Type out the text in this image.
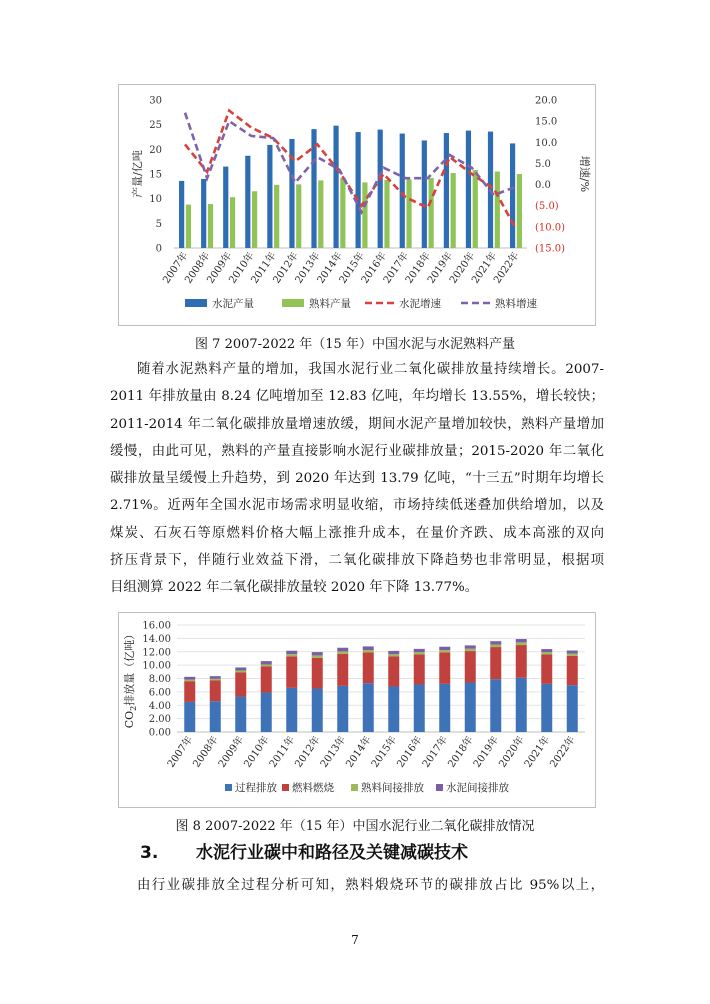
0
5
10
15
20
25
30	20.0
15.0
10.0
5.0
0.0
(5.0)
(10.0)
(15.0)
产量/亿吨	增速/%
2007年
2008年
2009年
2010年
2011年
2012年
2013年
2014年
2015年
2016年
2017年
2018年
2019年
2020年
2021年
2022年
水泥产量	熟料产量	水泥增速	熟料增速
图 7 2007-2022 年（15 年）中国水泥与水泥熟料产量
随着水泥熟料产量的增加，我国水泥行业二氧化碳排放量持续增长。2007-
2011 年排放量由 8.24 亿吨增加至 12.83 亿吨，年均增长 13.55%，增长较快；
2011-2014 年二氧化碳排放量增速放缓，期间水泥产量增加较快，熟料产量增加
缓慢，由此可见，熟料的产量直接影响水泥行业碳排放量；2015-2020 年二氧化
碳排放量呈缓慢上升趋势，到 2020 年达到 13.79 亿吨，“十三五”时期年均增长
2.71%。近两年全国水泥市场需求明显收缩，市场持续低迷叠加供给增加，以及
煤炭、石灰石等原燃料价格大幅上涨推升成本，在量价齐跌、成本高涨的双向
挤压背景下，伴随行业效益下滑，二氧化碳排放下降趋势也非常明显，根据项
目组测算 2022 年二氧化碳排放量较 2020 年下降 13.77%。
0.00
2.00
4.00
6.00
8.00
10.00
12.00
14.00
16.00
$CO_2$排放量（亿吨）
2007年
2008年
2009年
2010年
2011年
2012年
2013年
2014年
2015年
2016年
2017年
2018年
2019年
2020年
2021年
2022年
过程排放 燃料燃烧	熟料间接排放 水泥间接排放
图 8 2007-2022 年（15 年）中国水泥行业二氧化碳排放情况
3. 水泥行业碳中和路径及关键减碳技术
由行业碳排放全过程分析可知，熟料煅烧环节的碳排放占比 95%以上，
7
